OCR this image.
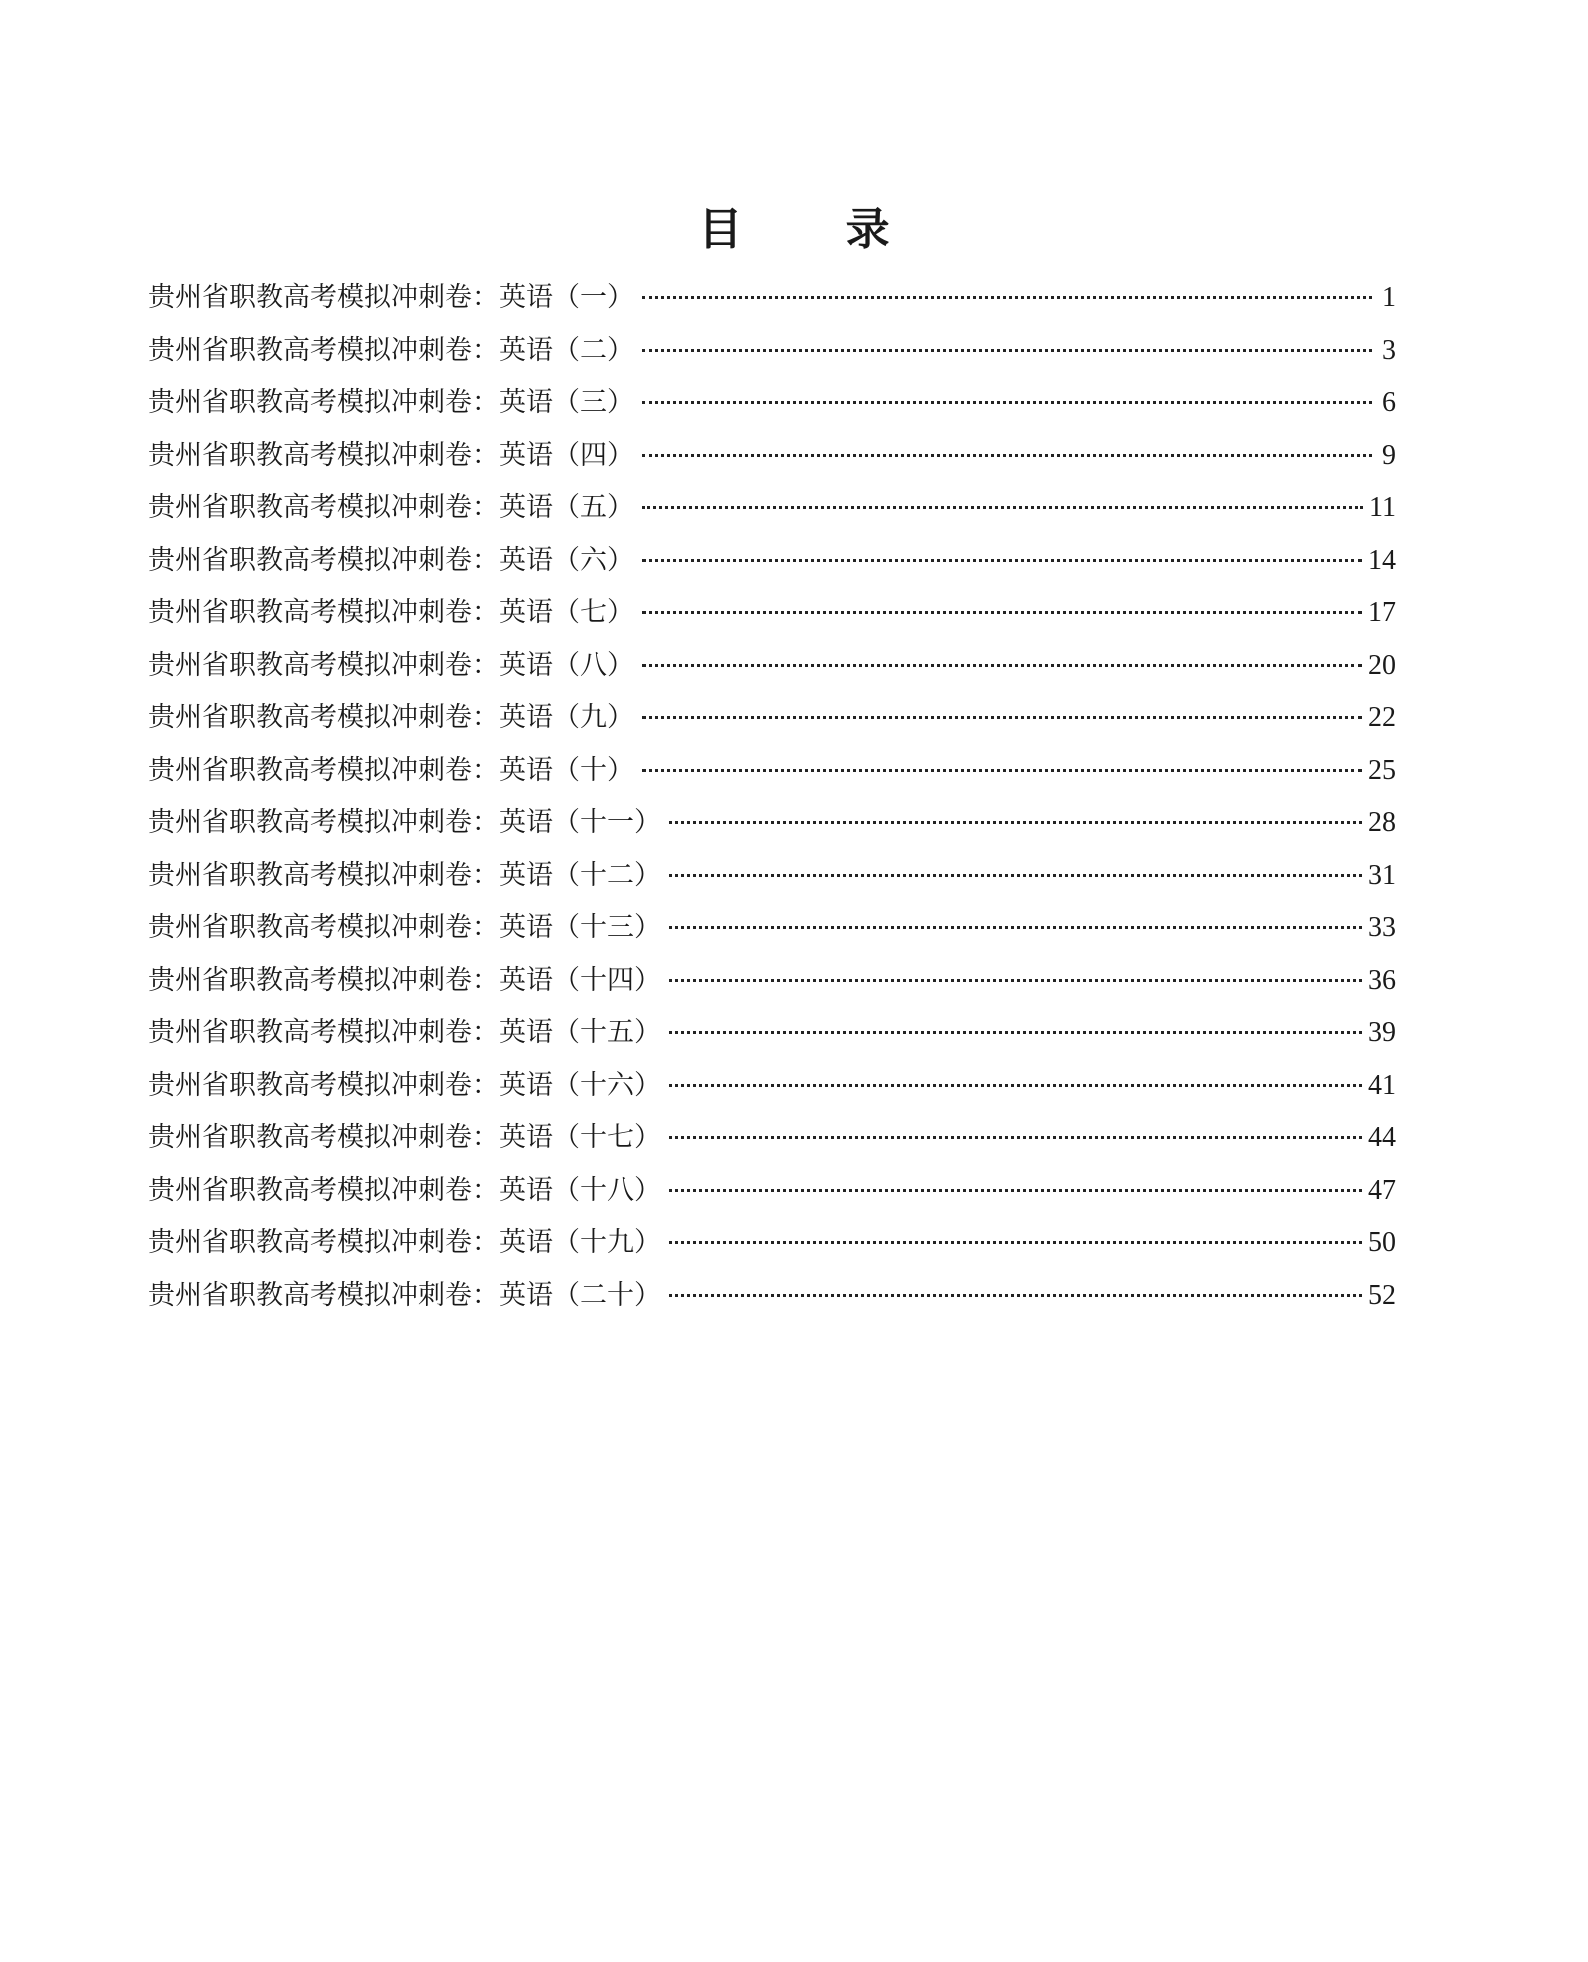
目 录
贵州省职教高考模拟冲刺卷：英语（一）	1
贵州省职教高考模拟冲刺卷：英语（二）	3
贵州省职教高考模拟冲刺卷：英语（三）	6
贵州省职教高考模拟冲刺卷：英语（四）	9
贵州省职教高考模拟冲刺卷：英语（五）	11
贵州省职教高考模拟冲刺卷：英语（六）	14
贵州省职教高考模拟冲刺卷：英语（七）	17
贵州省职教高考模拟冲刺卷：英语（八）	20
贵州省职教高考模拟冲刺卷：英语（九）	22
贵州省职教高考模拟冲刺卷：英语（十）	25
贵州省职教高考模拟冲刺卷：英语（十一）	28
贵州省职教高考模拟冲刺卷：英语（十二）	31
贵州省职教高考模拟冲刺卷：英语（十三）	33
贵州省职教高考模拟冲刺卷：英语（十四）	36
贵州省职教高考模拟冲刺卷：英语（十五）	39
贵州省职教高考模拟冲刺卷：英语（十六）	41
贵州省职教高考模拟冲刺卷：英语（十七）	44
贵州省职教高考模拟冲刺卷：英语（十八）	47
贵州省职教高考模拟冲刺卷：英语（十九）	50
贵州省职教高考模拟冲刺卷：英语（二十）	52
